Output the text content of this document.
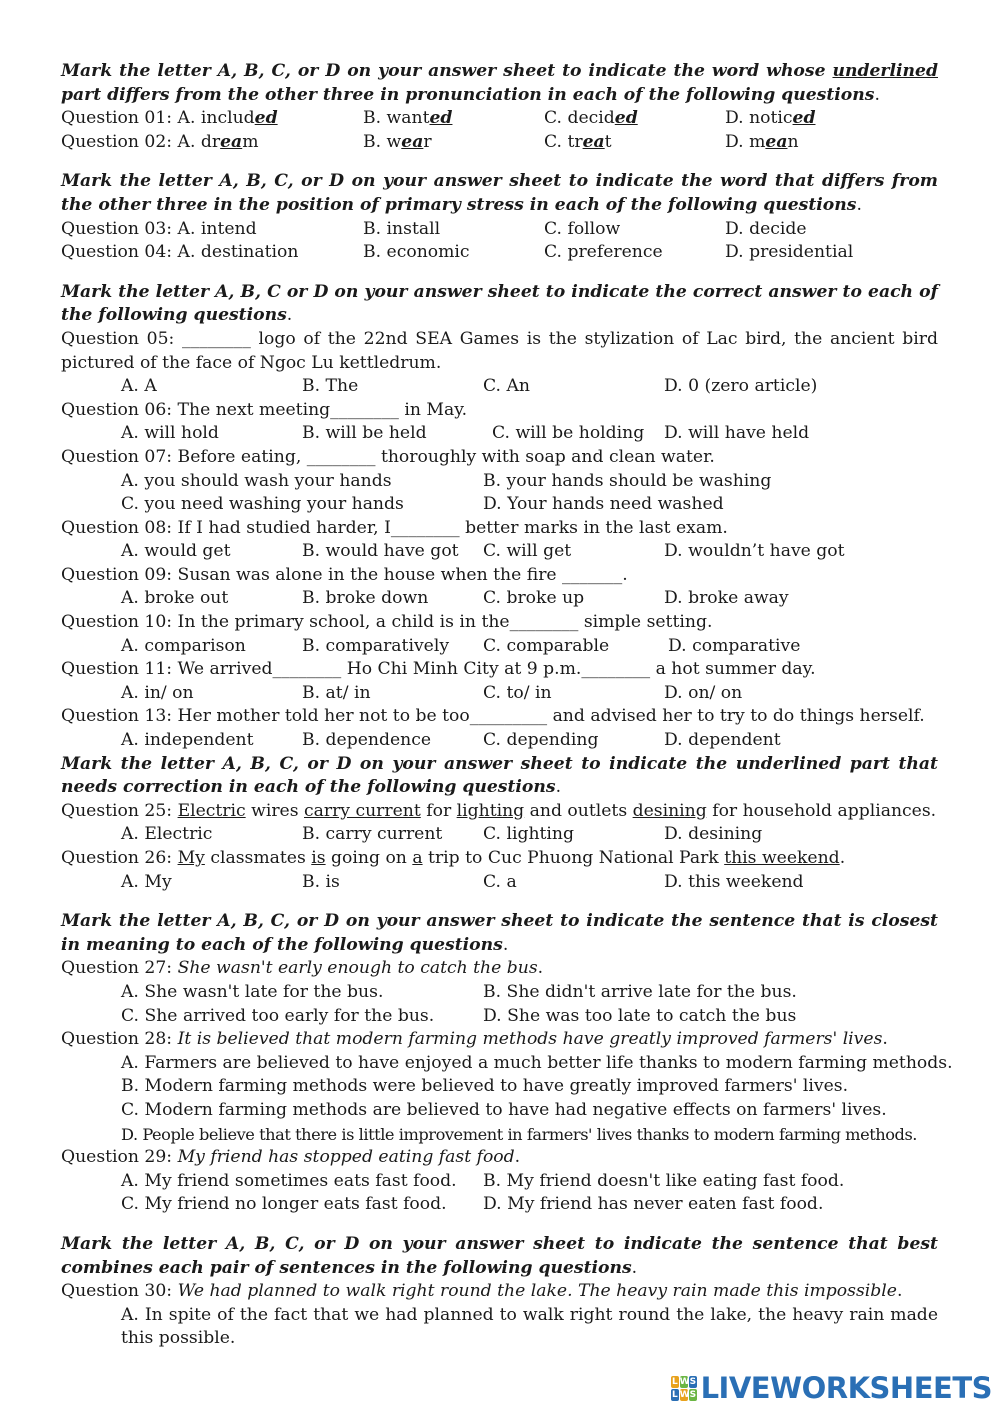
Mark the letter A, B, C, or D on your answer sheet to indicate the word whose underlined part differs from the other three in pronunciation in each of the following questions.
Question 01: A. included	B. wanted	C. decided	D. noticed
Question 02: A. dream	B. wear	C. treat	D. mean
Mark the letter A, B, C, or D on your answer sheet to indicate the word that differs from the other three in the position of primary stress in each of the following questions.
Question 03: A. intend	B. install	C. follow	D. decide
Question 04: A. destination	B. economic	C. preference	D. presidential
Mark the letter A, B, C or D on your answer sheet to indicate the correct answer to each of the following questions.
Question 05: ________ logo of the 22nd SEA Games is the stylization of Lac bird, the ancient bird pictured of the face of Ngoc Lu kettledrum.
A. A	B. The	C. An	D. 0 (zero article)
Question 06: The next meeting________ in May.
A. will hold	B. will be held	C. will be holding D. will have held
Question 07: Before eating, ________ thoroughly with soap and clean water.
A. you should wash your hands	B. your hands should be washing
C. you need washing your hands	D. Your hands need washed
Question 08: If I had studied harder, I________ better marks in the last exam.
A. would get	B. would have got C. will get	D. wouldn’t have got
Question 09: Susan was alone in the house when the fire _______.
A. broke out	B. broke down	C. broke up	D. broke away
Question 10: In the primary school, a child is in the________ simple setting.
A. comparison	B. comparatively C. comparable	D. comparative
Question 11: We arrived________ Ho Chi Minh City at 9 p.m.________ a hot summer day.
A. in/ on	B. at/ in	C. to/ in	D. on/ on
Question 13: Her mother told her not to be too_________ and advised her to try to do things herself.
A. independent	B. dependence	C. depending	D. dependent
Mark the letter A, B, C, or D on your answer sheet to indicate the underlined part that needs correction in each of the following questions.
Question 25: Electric wires carry current for lighting and outlets desining for household appliances.
A. Electric	B. carry current C. lighting	D. desining
Question 26: My classmates is going on a trip to Cuc Phuong National Park this weekend.
A. My	B. is	C. a	D. this weekend
Mark the letter A, B, C, or D on your answer sheet to indicate the sentence that is closest in meaning to each of the following questions.
Question 27: She wasn't early enough to catch the bus.
A. She wasn't late for the bus.	B. She didn't arrive late for the bus.
C. She arrived too early for the bus.	D. She was too late to catch the bus
Question 28: It is believed that modern farming methods have greatly improved farmers' lives.
A. Farmers are believed to have enjoyed a much better life thanks to modern farming methods.
B. Modern farming methods were believed to have greatly improved farmers' lives.
C. Modern farming methods are believed to have had negative effects on farmers' lives.
D. People believe that there is little improvement in farmers' lives thanks to modern farming methods.
Question 29: My friend has stopped eating fast food.
A. My friend sometimes eats fast food. B. My friend doesn't like eating fast food.
C. My friend no longer eats fast food. D. My friend has never eaten fast food.
Mark the letter A, B, C, or D on your answer sheet to indicate the sentence that best combines each pair of sentences in the following questions.
Question 30: We had planned to walk right round the lake. The heavy rain made this impossible.
A. In spite of the fact that we had planned to walk right round the lake, the heavy rain made this possible.
L W S
L W S LIVEWORKSHEETS
